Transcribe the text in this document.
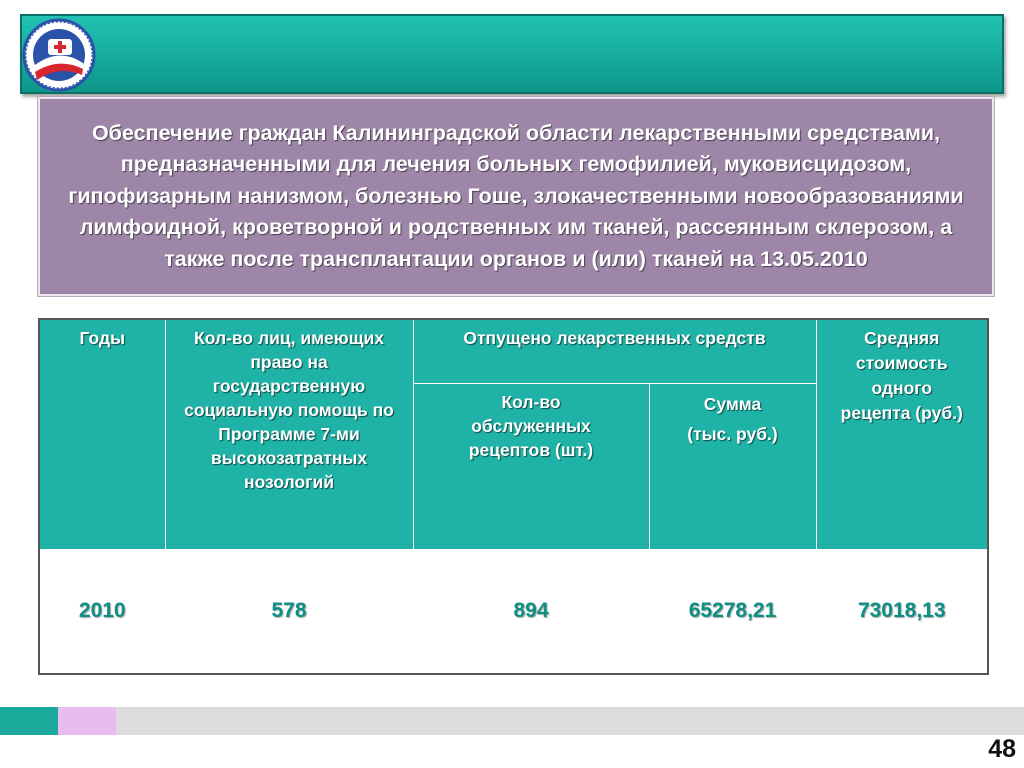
Обеспечение граждан Калининградской области лекарственными средствами, предназначенными для лечения больных гемофилией, муковисцидозом, гипофизарным нанизмом, болезнью Гоше, злокачественными новообразованиями лимфоидной, кроветворной и родственных им тканей, рассеянным склерозом, а также после трансплантации органов и (или) тканей на 13.05.2010
Годы	Кол-во лиц, имеющих право на государственную социальную помощь по Программе 7-ми высокозатратных нозологий	Отпущено лекарственных средств		Средняя стоимость одного рецепта (руб.)

		Кол-во обслуженных рецептов (шт.)	Сумма
(тыс. руб.)	

2010	578	894	65278,21	73018,13
48
